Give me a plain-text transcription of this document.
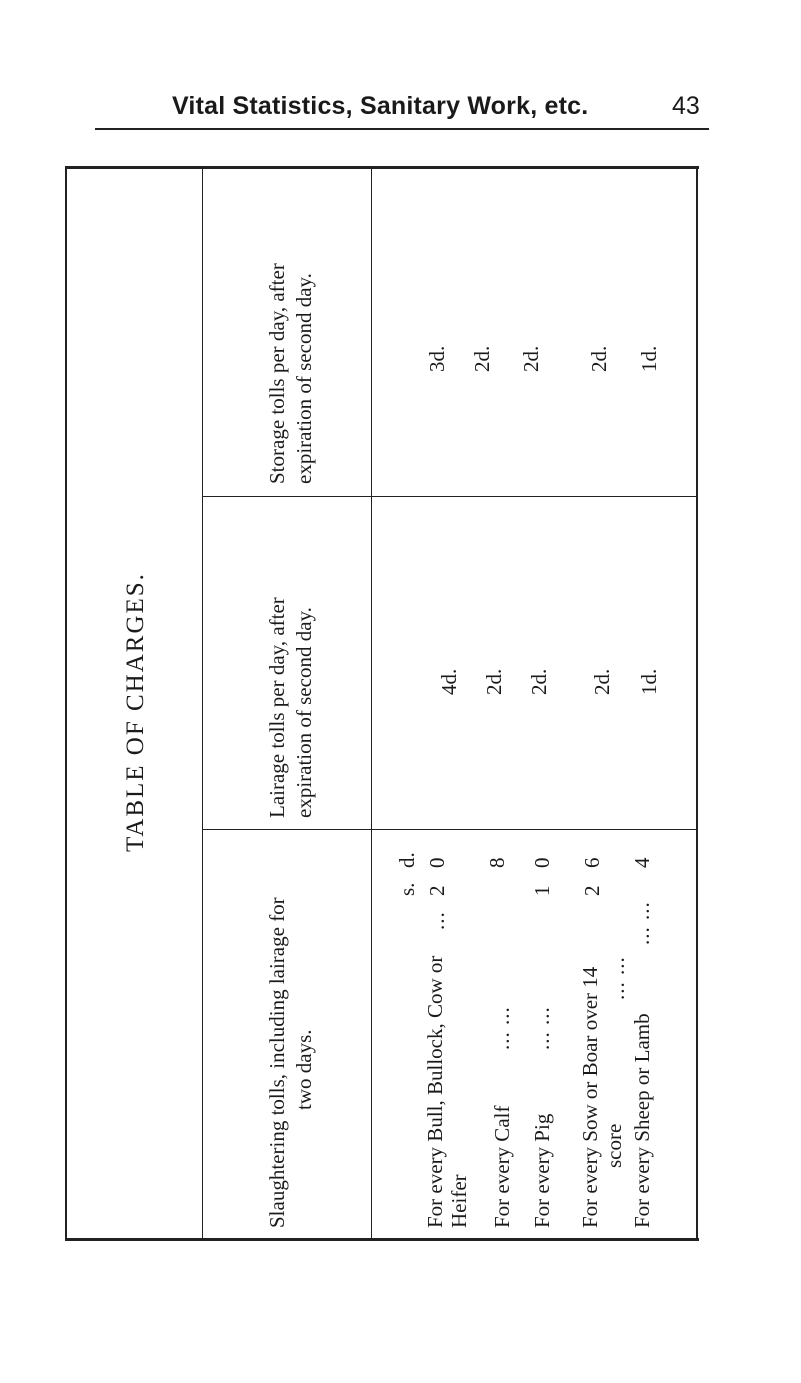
Vital Statistics, Sanitary Work, etc.	43
TABLE OF CHARGES.
Slaughtering tolls, including lairage for two days.
Lairage tolls per day, after expiration of second day.
Storage tolls per day, after expiration of second day.	3d. 2d. 2d. 2d. 1d.
4d. 2d. 2d. 2d. 1d.
s.
d.
For every Bull, Bullock, Cow or Heifer
...
2
0
For every Calf
... ...
8
For every Pig
... ...
1
0
For every Sow or Boar over 14 score
... ...
2
6
For every Sheep or Lamb
... ...
4
